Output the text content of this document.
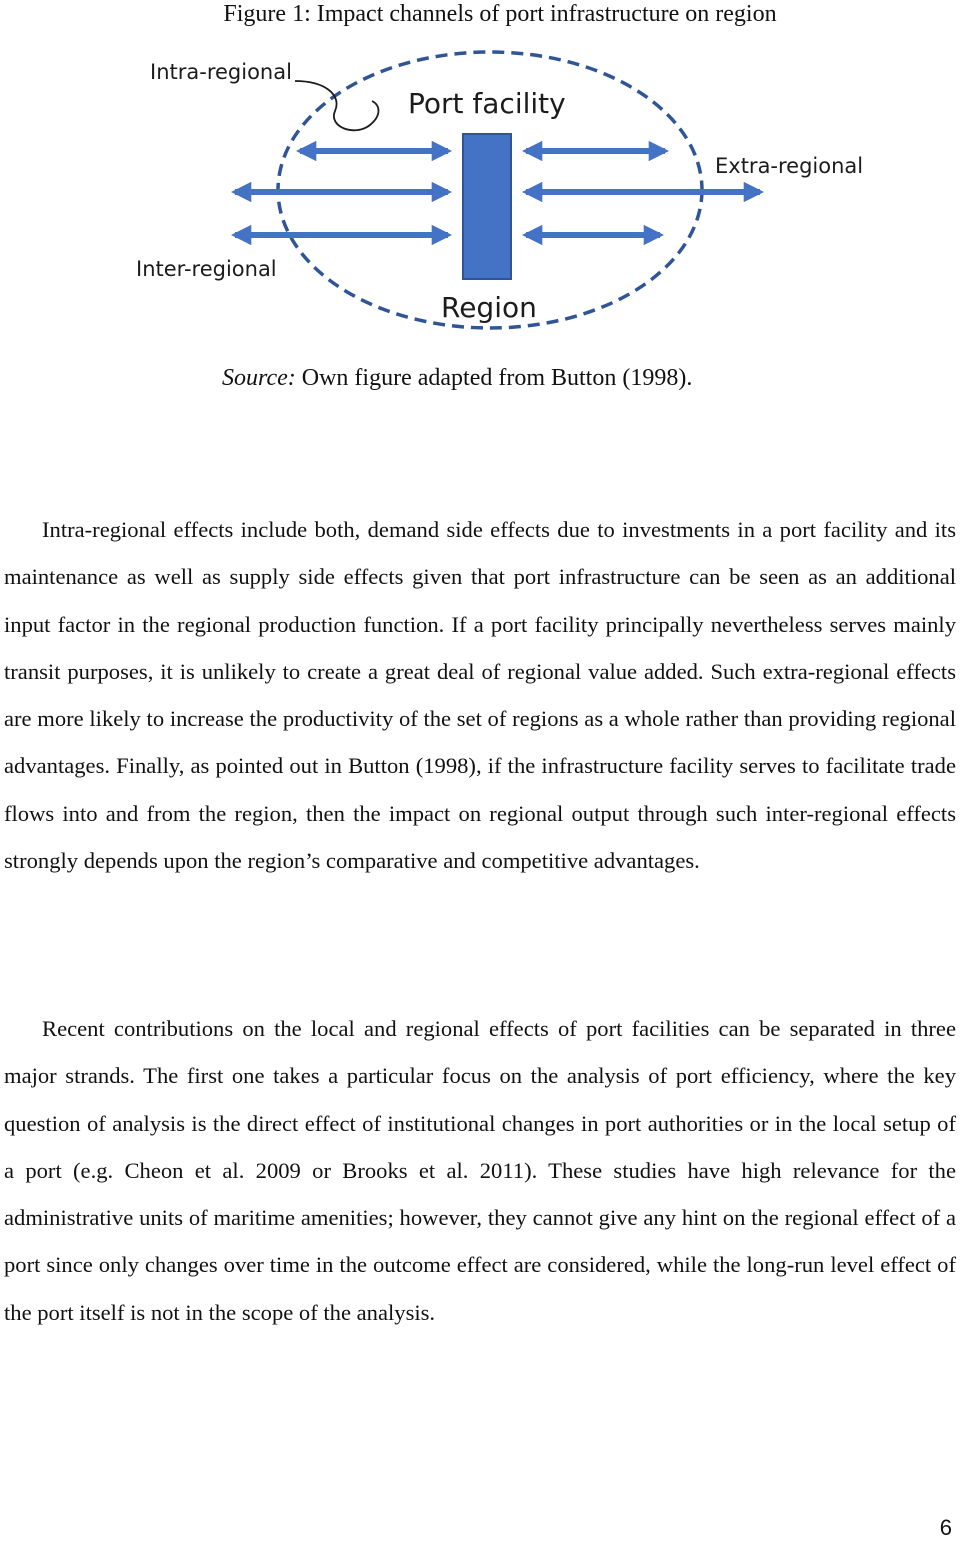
Figure 1: Impact channels of port infrastructure on region
Intra-regional
Port facility
Extra-regional
Inter-regional
Region
Source: Own figure adapted from Button (1998).

Intra-regional effects include both, demand side effects due to investments in a port facility and its maintenance as well as supply side effects given that port infrastructure can be seen as an additional input factor in the regional production function. If a port facility principally nevertheless serves mainly transit purposes, it is unlikely to create a great deal of regional value added. Such extra-regional effects are more likely to increase the productivity of the set of regions as a whole rather than providing regional advantages. Finally, as pointed out in Button (1998), if the infrastructure facility serves to facilitate trade flows into and from the region, then the impact on regional output through such inter-regional effects strongly depends upon the region’s comparative and competitive advantages.

Recent contributions on the local and regional effects of port facilities can be separated in three major strands. The first one takes a particular focus on the analysis of port efficiency, where the key question of analysis is the direct effect of institutional changes in port authorities or in the local setup of a port (e.g. Cheon et al. 2009 or Brooks et al. 2011). These studies have high relevance for the administrative units of maritime amenities; however, they cannot give any hint on the regional effect of a port since only changes over time in the outcome effect are considered, while the long-run level effect of the port itself is not in the scope of the analysis.

6
